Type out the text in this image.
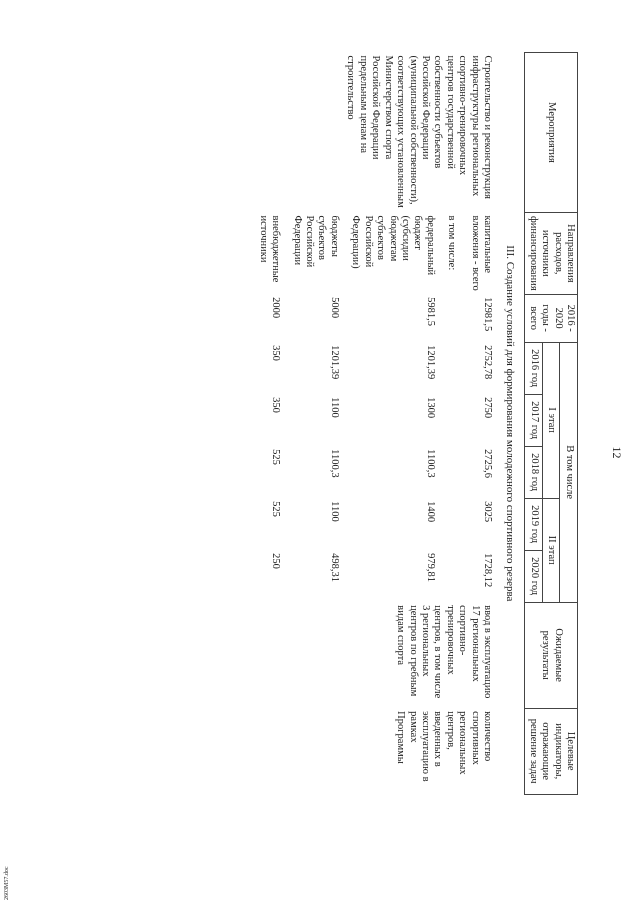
12
Мероприятия	Направления расходов, источники финансирования	2016 - 2020 годы - всего	В том числе					Ожидаемые результаты	Целевые индикаторы, отражающие решение задач
			I этап			II этап			
			2016 год	2017 год	2018 год	2019 год	2020 год		
III. Создание условий для формирования молодежного спортивного резерва									
Строительство и реконструкция инфраструктуры региональных спортивно-тренировочных центров государственной собственности субъектов Российской Федерации (муниципальной собственности), соответствующих установленным Министерством спорта Российской Федерации предельным ценам на строительство	капитальные вложения - всего	12981,5	2752,78	2750	2725,6	3025	1728,12	ввод в эксплуатацию 17 региональных спортивно-тренировочных центров, в том числе 3 региональных центров по гребным видам спорта	количество спортивных региональных центров, введенных в эксплуатацию в рамках Программы
	в том числе:								
	федеральный бюджет (субсидии бюджетам субъектов Российской Федерации)	5981,5	1201,39	1300	1100,3	1400	979,81		
	бюджеты субъектов Российской Федерации	5000	1201,39	1100	1100,3	1100	498,31		
	внебюджетные источники	2000	350	350	525	525	250		
2603M57.doc
